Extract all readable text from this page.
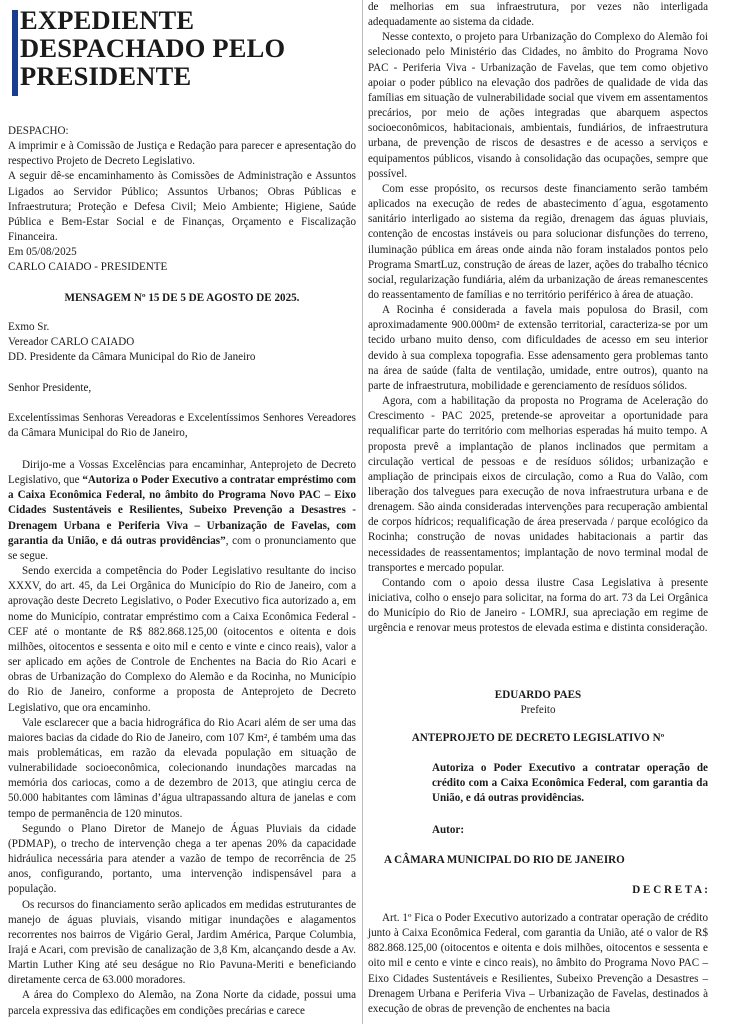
EXPEDIENTE DESPACHADO PELO PRESIDENTE

DESPACHO:

A imprimir e à Comissão de Justiça e Redação para parecer e apresentação do respectivo Projeto de Decreto Legislativo.

A seguir dê-se encaminhamento às Comissões de Administração e Assuntos Ligados ao Servidor Público; Assuntos Urbanos; Obras Públicas e Infraestrutura; Proteção e Defesa Civil; Meio Ambiente; Higiene, Saúde Pública e Bem-Estar Social e de Finanças, Orçamento e Fiscalização Financeira.

Em 05/08/2025

CARLO CAIADO - PRESIDENTE

MENSAGEM Nº 15 DE 5 DE AGOSTO DE 2025.

Exmo Sr.

Vereador CARLO CAIADO

DD. Presidente da Câmara Municipal do Rio de Janeiro

Senhor Presidente,

Excelentíssimas Senhoras Vereadoras e Excelentíssimos Senhores Vereadores da Câmara Municipal do Rio de Janeiro,

Dirijo-me a Vossas Excelências para encaminhar, Anteprojeto de Decreto Legislativo, que “Autoriza o Poder Executivo a contratar empréstimo com a Caixa Econômica Federal, no âmbito do Programa Novo PAC – Eixo Cidades Sustentáveis e Resilientes, Subeixo Prevenção a Desastres - Drenagem Urbana e Periferia Viva – Urbanização de Favelas, com garantia da União, e dá outras providências”, com o pronunciamento que se segue.

Sendo exercida a competência do Poder Legislativo resultante do inciso XXXV, do art. 45, da Lei Orgânica do Município do Rio de Janeiro, com a aprovação deste Decreto Legislativo, o Poder Executivo fica autorizado a, em nome do Município, contratar empréstimo com a Caixa Econômica Federal - CEF até o montante de R$ 882.868.125,00 (oitocentos e oitenta e dois milhões, oitocentos e sessenta e oito mil e cento e vinte e cinco reais), valor a ser aplicado em ações de Controle de Enchentes na Bacia do Rio Acari e obras de Urbanização do Complexo do Alemão e da Rocinha, no Município do Rio de Janeiro, conforme a proposta de Anteprojeto de Decreto Legislativo, que ora encaminho.

Vale esclarecer que a bacia hidrográfica do Rio Acari além de ser uma das maiores bacias da cidade do Rio de Janeiro, com 107 Km², é também uma das mais problemáticas, em razão da elevada população em situação de vulnerabilidade socioeconômica, colecionando inundações marcadas na memória dos cariocas, como a de dezembro de 2013, que atingiu cerca de 50.000 habitantes com lâminas d’água ultrapassando altura de janelas e com tempo de permanência de 120 minutos.

Segundo o Plano Diretor de Manejo de Águas Pluviais da cidade (PDMAP), o trecho de intervenção chega a ter apenas 20% da capacidade hidráulica necessária para atender a vazão de tempo de recorrência de 25 anos, configurando, portanto, uma intervenção indispensável para a população.

Os recursos do financiamento serão aplicados em medidas estruturantes de manejo de águas pluviais, visando mitigar inundações e alagamentos recorrentes nos bairros de Vigário Geral, Jardim América, Parque Columbia, Irajá e Acari, com previsão de canalização de 3,8 Km, alcançando desde a Av. Martin Luther King até seu deságue no Rio Pavuna-Meriti e beneficiando diretamente cerca de 63.000 moradores.

A área do Complexo do Alemão, na Zona Norte da cidade, possui uma parcela expressiva das edificações em condições precárias e carece

de melhorias em sua infraestrutura, por vezes não interligada adequadamente ao sistema da cidade.

Nesse contexto, o projeto para Urbanização do Complexo do Alemão foi selecionado pelo Ministério das Cidades, no âmbito do Programa Novo PAC - Periferia Viva - Urbanização de Favelas, que tem como objetivo apoiar o poder público na elevação dos padrões de qualidade de vida das famílias em situação de vulnerabilidade social que vivem em assentamentos precários, por meio de ações integradas que abarquem aspectos socioeconômicos, habitacionais, ambientais, fundiários, de infraestrutura urbana, de prevenção de riscos de desastres e de acesso a serviços e equipamentos públicos, visando à consolidação das ocupações, sempre que possível.

Com esse propósito, os recursos deste financiamento serão também aplicados na execução de redes de abastecimento d´agua, esgotamento sanitário interligado ao sistema da região, drenagem das águas pluviais, contenção de encostas instáveis ou para solucionar disfunções do terreno, iluminação pública em áreas onde ainda não foram instalados pontos pelo Programa SmartLuz, construção de áreas de lazer, ações do trabalho técnico social, regularização fundiária, além da urbanização de áreas remanescentes do reassentamento de famílias e no território periférico à área de atuação.

A Rocinha é considerada a favela mais populosa do Brasil, com aproximadamente 900.000m² de extensão territorial, caracteriza-se por um tecido urbano muito denso, com dificuldades de acesso em seu interior devido à sua complexa topografia. Esse adensamento gera problemas tanto na área de saúde (falta de ventilação, umidade, entre outros), quanto na parte de infraestrutura, mobilidade e gerenciamento de resíduos sólidos.

Agora, com a habilitação da proposta no Programa de Aceleração do Crescimento - PAC 2025, pretende-se aproveitar a oportunidade para requalificar parte do território com melhorias esperadas há muito tempo. A proposta prevê a implantação de planos inclinados que permitam a circulação vertical de pessoas e de resíduos sólidos; urbanização e ampliação de principais eixos de circulação, como a Rua do Valão, com liberação dos talvegues para execução de nova infraestrutura urbana e de drenagem. São ainda consideradas intervenções para recuperação ambiental de corpos hídricos; requalificação de área preservada / parque ecológico da Rocinha; construção de novas unidades habitacionais a partir das necessidades de reassentamentos; implantação de novo terminal modal de transportes e mercado popular.

Contando com o apoio dessa ilustre Casa Legislativa à presente iniciativa, colho o ensejo para solicitar, na forma do art. 73 da Lei Orgânica do Município do Rio de Janeiro - LOMRJ, sua apreciação em regime de urgência e renovar meus protestos de elevada estima e distinta consideração.

EDUARDO PAES

Prefeito

ANTEPROJETO DE DECRETO LEGISLATIVO Nº

Autoriza o Poder Executivo a contratar operação de crédito com a Caixa Econômica Federal, com garantia da União, e dá outras providências.

Autor:

A CÂMARA MUNICIPAL DO RIO DE JANEIRO

D E C R E T A :

Art. 1º Fica o Poder Executivo autorizado a contratar operação de crédito junto à Caixa Econômica Federal, com garantia da União, até o valor de R$ 882.868.125,00 (oitocentos e oitenta e dois milhões, oitocentos e sessenta e oito mil e cento e vinte e cinco reais), no âmbito do Programa Novo PAC – Eixo Cidades Sustentáveis e Resilientes, Subeixo Prevenção a Desastres – Drenagem Urbana e Periferia Viva – Urbanização de Favelas, destinados à execução de obras de prevenção de enchentes na bacia
